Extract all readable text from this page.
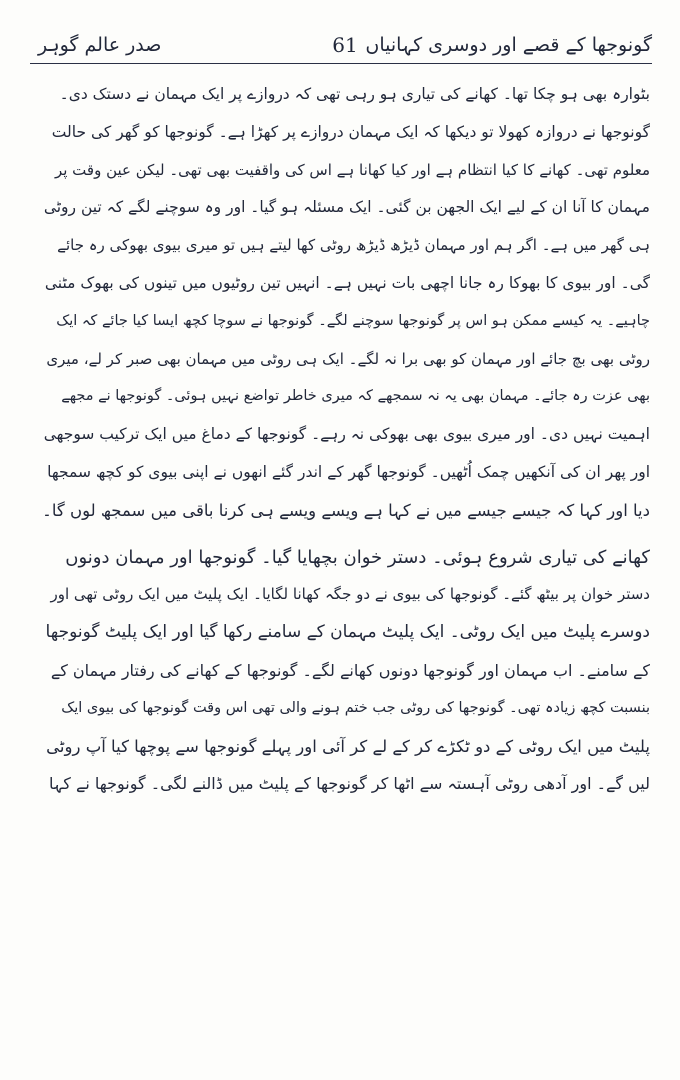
گونوجھا کے قصے اور دوسری کہانیاں
61
صدر عالم گوہر
بٹوارہ بھی ہو چکا تھا۔ کھانے کی تیاری ہو رہی تھی کہ دروازے پر ایک مہمان نے دستک دی۔
گونوجھا نے دروازہ کھولا تو دیکھا کہ ایک مہمان دروازے پر کھڑا ہے۔ گونوجھا کو گھر کی حالت
معلوم تھی۔ کھانے کا کیا انتظام ہے اور کیا کھانا ہے اس کی واقفیت بھی تھی۔ لیکن عین وقت پر
مہمان کا آنا ان کے لیے ایک الجھن بن گئی۔ ایک مسئلہ ہو گیا۔ اور وہ سوچنے لگے کہ تین روٹی
ہی گھر میں ہے۔ اگر ہم اور مہمان ڈیڑھ ڈیڑھ روٹی کھا لیتے ہیں تو میری بیوی بھوکی رہ جائے
گی۔ اور بیوی کا بھوکا رہ جانا اچھی بات نہیں ہے۔ انہیں تین روٹیوں میں تینوں کی بھوک مٹنی
چاہیے۔ یہ کیسے ممکن ہو اس پر گونوجھا سوچنے لگے۔ گونوجھا نے سوچا کچھ ایسا کیا جائے کہ ایک
روٹی بھی بچ جائے اور مہمان کو بھی برا نہ لگے۔ ایک ہی روٹی میں مہمان بھی صبر کر لے، میری
بھی عزت رہ جائے۔ مہمان بھی یہ نہ سمجھے کہ میری خاطر تواضع نہیں ہوئی۔ گونوجھا نے مجھے
اہمیت نہیں دی۔ اور میری بیوی بھی بھوکی نہ رہے۔ گونوجھا کے دماغ میں ایک ترکیب سوجھی
اور پھر ان کی آنکھیں چمک اُٹھیں۔ گونوجھا گھر کے اندر گئے انھوں نے اپنی بیوی کو کچھ سمجھا
دیا اور کہا کہ جیسے جیسے میں نے کہا ہے ویسے ویسے ہی کرنا باقی میں سمجھ لوں گا۔
کھانے کی تیاری شروع ہوئی۔ دستر خوان بچھایا گیا۔ گونوجھا اور مہمان دونوں
دستر خوان پر بیٹھ گئے۔ گونوجھا کی بیوی نے دو جگہ کھانا لگایا۔ ایک پلیٹ میں ایک روٹی تھی اور
دوسرے پلیٹ میں ایک روٹی۔ ایک پلیٹ مہمان کے سامنے رکھا گیا اور ایک پلیٹ گونوجھا
کے سامنے۔ اب مہمان اور گونوجھا دونوں کھانے لگے۔ گونوجھا کے کھانے کی رفتار مہمان کے
بنسبت کچھ زیادہ تھی۔ گونوجھا کی روٹی جب ختم ہونے والی تھی اس وقت گونوجھا کی بیوی ایک
پلیٹ میں ایک روٹی کے دو ٹکڑے کر کے لے کر آئی اور پہلے گونوجھا سے پوچھا کیا آپ روٹی
لیں گے۔ اور آدھی روٹی آہستہ سے اٹھا کر گونوجھا کے پلیٹ میں ڈالنے لگی۔ گونوجھا نے کہا
